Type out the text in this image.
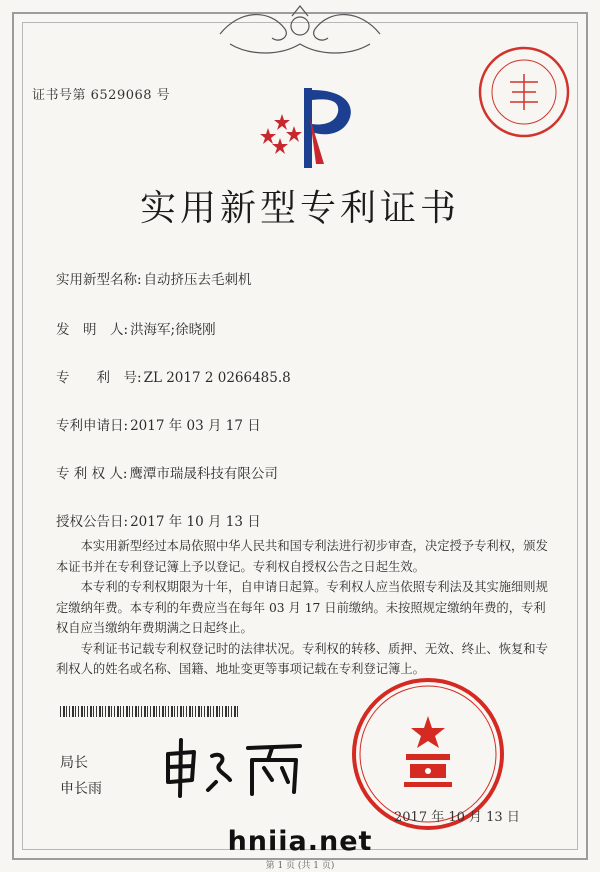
证书号第 6529068 号
实用新型专利证书
实用新型名称: 自动挤压去毛刺机
发　明　人: 洪海军;徐晓刚
专　　利　号: ZL 2017 2 0266485.8
专利申请日: 2017 年 03 月 17 日
专 利 权 人: 鹰潭市瑞晟科技有限公司
授权公告日: 2017 年 10 月 13 日

本实用新型经过本局依照中华人民共和国专利法进行初步审查，决定授予专利权，颁发本证书并在专利登记簿上予以登记。专利权自授权公告之日起生效。

本专利的专利权期限为十年，自申请日起算。专利权人应当依照专利法及其实施细则规定缴纳年费。本专利的年费应当在每年 03 月 17 日前缴纳。未按照规定缴纳年费的，专利权自应当缴纳年费期满之日起终止。

专利证书记载专利权登记时的法律状况。专利权的转移、质押、无效、终止、恢复和专利权人的姓名或名称、国籍、地址变更等事项记载在专利登记簿上。

局长
申长雨
2017 年 10 月 13 日
hniia.net
第 1 页 (共 1 页)
